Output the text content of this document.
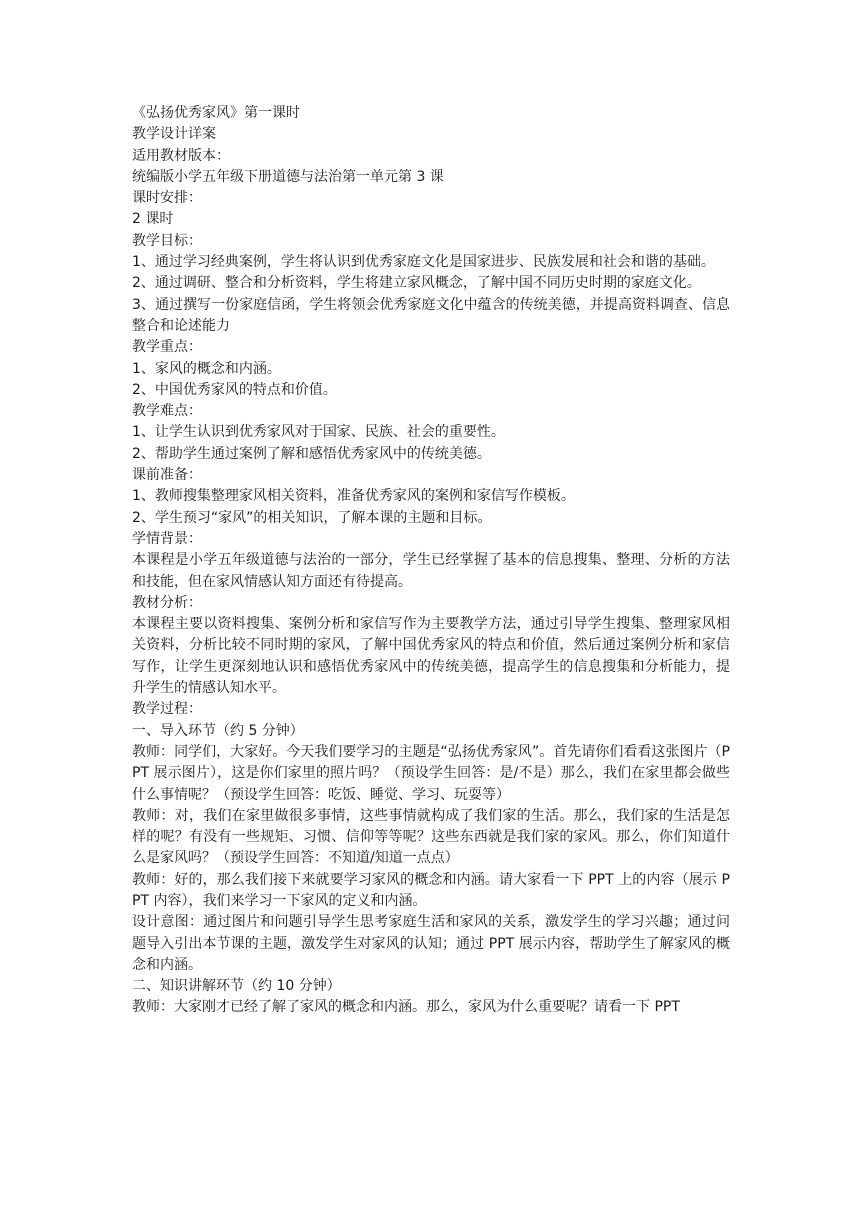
《弘扬优秀家风》第一课时

教学设计详案

适用教材版本：

统编版小学五年级下册道德与法治第一单元第 3 课

课时安排：

2 课时

教学目标：

1、通过学习经典案例，学生将认识到优秀家庭文化是国家进步、民族发展和社会和谐的基础。

2、通过调研、整合和分析资料，学生将建立家风概念，了解中国不同历史时期的家庭文化。

3、通过撰写一份家庭信函，学生将领会优秀家庭文化中蕴含的传统美德，并提高资料调查、信息整合和论述能力

教学重点：

1、家风的概念和内涵。

2、中国优秀家风的特点和价值。

教学难点：

1、让学生认识到优秀家风对于国家、民族、社会的重要性。

2、帮助学生通过案例了解和感悟优秀家风中的传统美德。

课前准备：

1、教师搜集整理家风相关资料，准备优秀家风的案例和家信写作模板。

2、学生预习“家风”的相关知识，了解本课的主题和目标。

学情背景：

本课程是小学五年级道德与法治的一部分，学生已经掌握了基本的信息搜集、整理、分析的方法和技能，但在家风情感认知方面还有待提高。

教材分析：

本课程主要以资料搜集、案例分析和家信写作为主要教学方法，通过引导学生搜集、整理家风相关资料，分析比较不同时期的家风，了解中国优秀家风的特点和价值，然后通过案例分析和家信写作，让学生更深刻地认识和感悟优秀家风中的传统美德，提高学生的信息搜集和分析能力，提升学生的情感认知水平。

教学过程：

一、导入环节（约 5 分钟）

教师：同学们，大家好。今天我们要学习的主题是“弘扬优秀家风”。首先请你们看看这张图片（PPT 展示图片），这是你们家里的照片吗？（预设学生回答：是/不是）那么，我们在家里都会做些什么事情呢？（预设学生回答：吃饭、睡觉、学习、玩耍等）

教师：对，我们在家里做很多事情，这些事情就构成了我们家的生活。那么，我们家的生活是怎样的呢？有没有一些规矩、习惯、信仰等等呢？这些东西就是我们家的家风。那么，你们知道什么是家风吗？（预设学生回答：不知道/知道一点点）

教师：好的，那么我们接下来就要学习家风的概念和内涵。请大家看一下 PPT 上的内容（展示 PPT 内容），我们来学习一下家风的定义和内涵。

设计意图：通过图片和问题引导学生思考家庭生活和家风的关系，激发学生的学习兴趣；通过问题导入引出本节课的主题，激发学生对家风的认知；通过 PPT 展示内容，帮助学生了解家风的概念和内涵。

二、知识讲解环节（约 10 分钟）

教师：大家刚才已经了解了家风的概念和内涵。那么，家风为什么重要呢？请看一下 PPT
